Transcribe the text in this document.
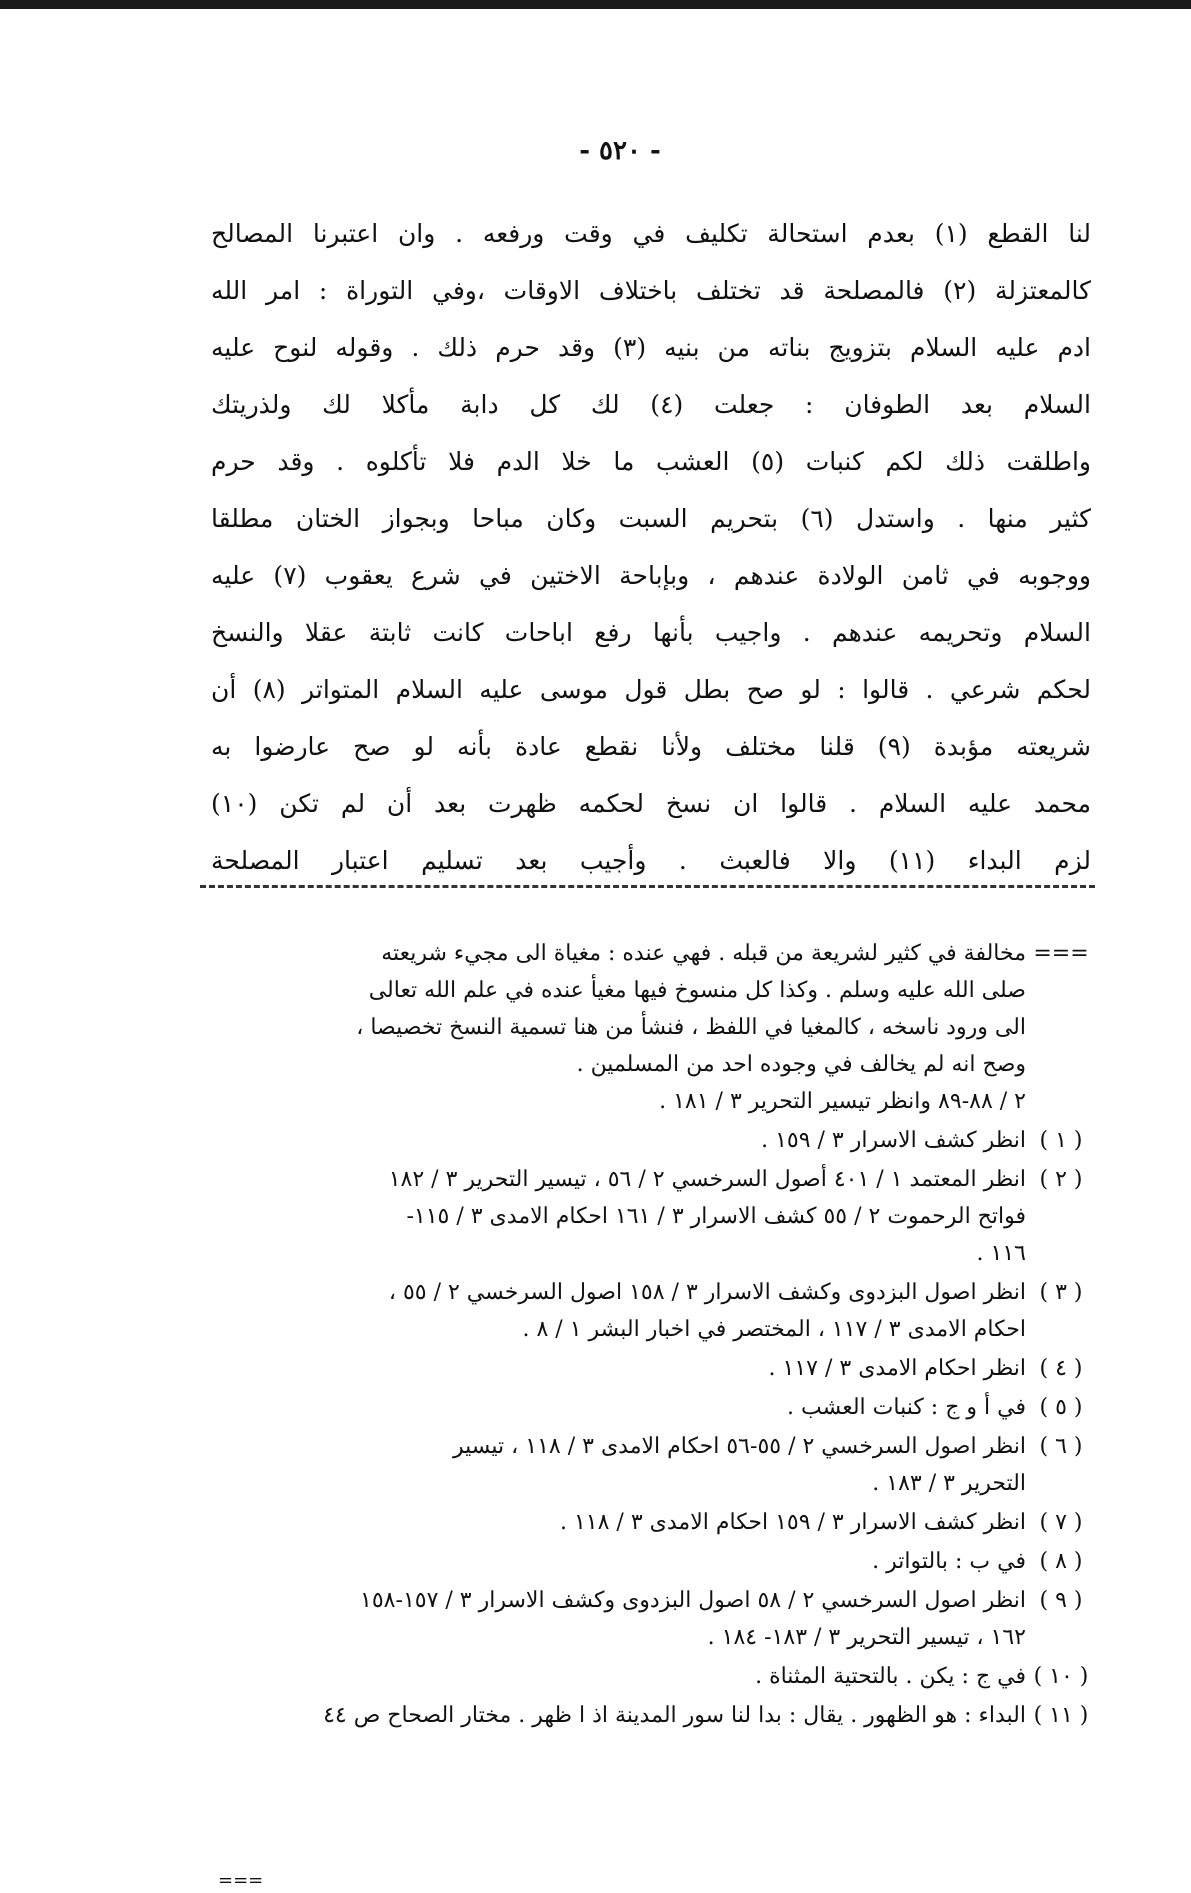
- ٥٢٠ -
لنا القطع (١) بعدم استحالة تكليف في وقت ورفعه . وان اعتبرنا المصالح
كالمعتزلة (٢) فالمصلحة قد تختلف باختلاف الاوقات ،وفي التوراة : امر الله
ادم عليه السلام بتزويج بناته من بنيه (٣) وقد حرم ذلك . وقوله لنوح عليه
السلام بعد الطوفان : جعلت (٤) لك كل دابة مأكلا لك ولذريتك
واطلقت ذلك لكم كنبات (٥) العشب ما خلا الدم فلا تأكلوه . وقد حرم
كثير منها . واستدل (٦) بتحريم السبت وكان مباحا وبجواز الختان مطلقا
ووجوبه في ثامن الولادة عندهم ، وبإباحة الاختين في شرع يعقوب (٧) عليه
السلام وتحريمه عندهم . واجيب بأنها رفع اباحات كانت ثابتة عقلا والنسخ
لحكم شرعي . قالوا : لو صح بطل قول موسى عليه السلام المتواتر (٨) أن
شريعته مؤبدة (٩) قلنا مختلف ولأنا نقطع عادة بأنه لو صح عارضوا به
محمد عليه السلام . قالوا ان نسخ لحكمه ظهرت بعد أن لم تكن (١٠)
لزم البداء (١١) والا فالعبث . وأجيب بعد تسليم اعتبار المصلحة
===
مخالفة في كثير لشريعة من قبله . فهي عنده : مغياة الى مجيء شريعته
صلى الله عليه وسلم . وكذا كل منسوخ فيها مغيأ عنده في علم الله تعالى
الى ورود ناسخه ، كالمغيا في اللفظ ، فنشأ من هنا تسمية النسخ تخصيصا ،
وصح انه لم يخالف في وجوده احد من المسلمين .
٢ / ٨٨-٨٩ وانظر تيسير التحرير ٣ / ١٨١ .
( ١ )
انظر كشف الاسرار ٣ / ١٥٩ .
( ٢ )
انظر المعتمد ١ / ٤٠١ أصول السرخسي ٢ / ٥٦ ، تيسير التحرير ٣ / ١٨٢
فواتح الرحموت ٢ / ٥٥ كشف الاسرار ٣ / ١٦١ احكام الامدى ٣ / ١١٥-
١١٦ .
( ٣ )
انظر اصول البزدوى وكشف الاسرار ٣ / ١٥٨ اصول السرخسي ٢ / ٥٥ ،
احكام الامدى ٣ / ١١٧ ، المختصر في اخبار البشر ١ / ٨ .
( ٤ )
انظر احكام الامدى ٣ / ١١٧ .
( ٥ )
في أ و ج : كنبات العشب .
( ٦ )
انظر اصول السرخسي ٢ / ٥٥-٥٦ احكام الامدى ٣ / ١١٨ ، تيسير
التحرير ٣ / ١٨٣ .
( ٧ )
انظر كشف الاسرار ٣ / ١٥٩ احكام الامدى ٣ / ١١٨ .
( ٨ )
في ب : بالتواتر .
( ٩ )
انظر اصول السرخسي ٢ / ٥٨ اصول البزدوى وكشف الاسرار ٣ / ١٥٧-١٥٨
١٦٢ ، تيسير التحرير ٣ / ١٨٣- ١٨٤ .
( ١٠ )
في ج : يكن . بالتحتية المثناة .
( ١١ )
البداء : هو الظهور . يقال : بدا لنا سور المدينة اذ ا ظهر . مختار الصحاح ص ٤٤
===
